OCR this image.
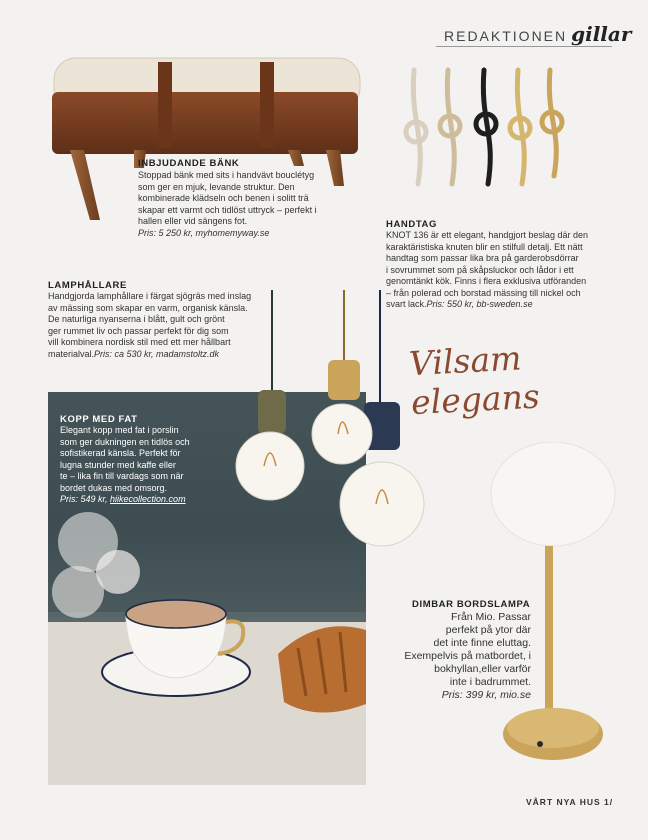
REDAKTIONEN gillar
INBJUDANDE BÄNK
Stoppad bänk med sits i handvävt bouclétyg
som ger en mjuk, levande struktur. Den
kombinerade klädseln och benen i solitt trä
skapar ett varmt och tidlöst uttryck – perfekt i
hallen eller vid sängens fot.
Pris: 5 250 kr, myhomemyway.se
HANDTAG
KNOT 136 är ett elegant, handgjort beslag där den
karaktäristiska knuten blir en stilfull detalj. Ett nätt
handtag som passar lika bra på garderobsdörrar
i sovrummet som på skåpsluckor och lådor i ett
genomtänkt kök. Finns i flera exklusiva utföranden
– från polerad och borstad mässing till nickel och
svart lack.Pris: 550 kr, bb-sweden.se
LAMPHÅLLARE
Handgjorda lamphållare i färgat sjögräs med inslag
av mässing som skapar en varm, organisk känsla.
De naturliga nyanserna i blått, gult och grönt
ger rummet liv och passar perfekt för dig som
vill kombinera nordisk stil med ett mer hållbart
materialval.Pris: ca 530 kr, madamstoltz.dk	Vilsam elegans
KOPP MED FAT
Elegant kopp med fat i porslin
som ger dukningen en tidlös och
sofistikerad känsla. Perfekt för
lugna stunder med kaffe eller
te – lika fin till vardags som när
bordet dukas med omsorg.
Pris: 549 kr, hiikecollection.com
DIMBAR BORDSLAMPA
Från Mio. Passar
perfekt på ytor där
det inte finne eluttag.
Exempelvis på matbordet, i
bokhyllan,eller varför
inte i badrummet.
Pris: 399 kr, mio.se
VÅRT NYA HUS 1/
